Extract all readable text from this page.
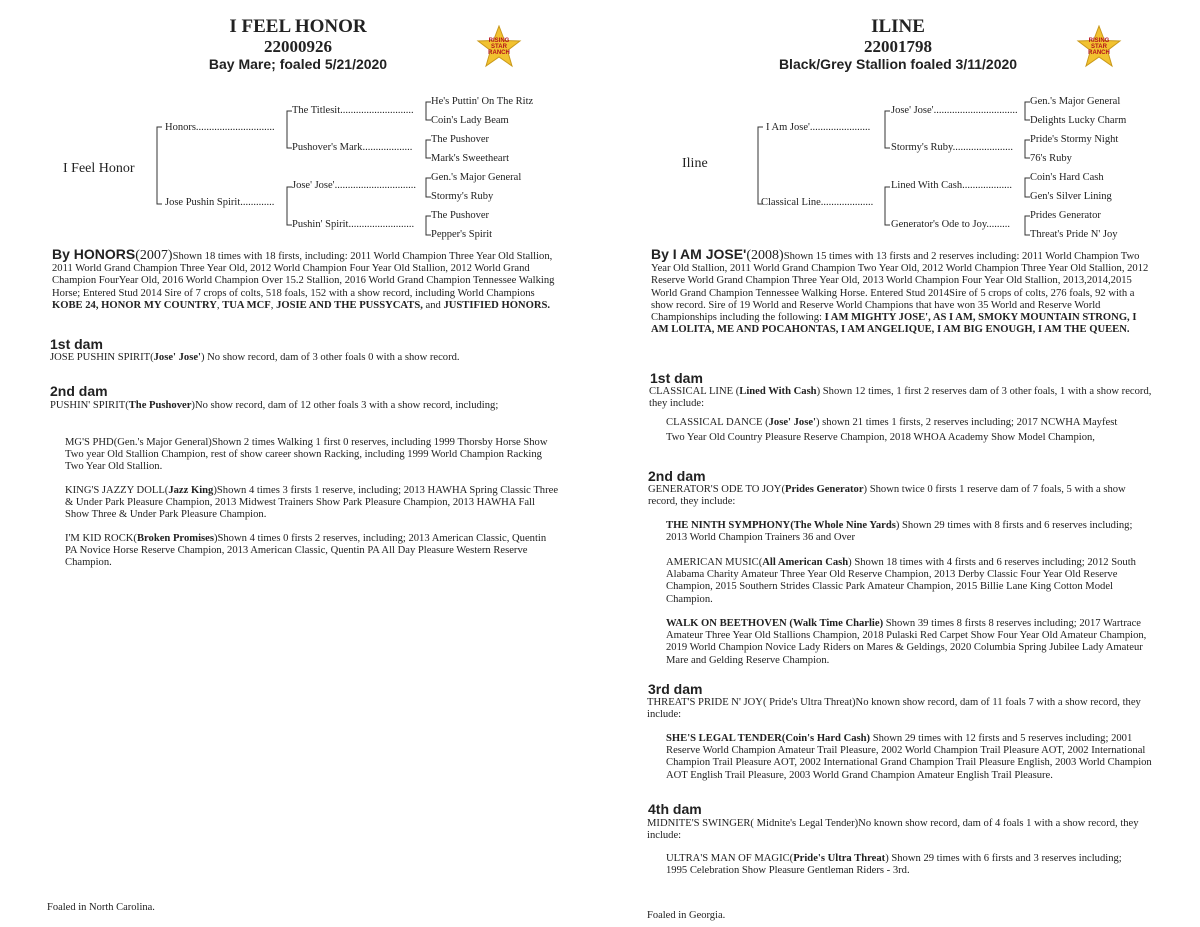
I FEEL HONOR
22000926
Bay Mare; foaled 5/21/2020
RISING
STAR
RANCH
I Feel Honor
Honors..............................
Jose Pushin Spirit.............
The Titlesit............................
Pushover's Mark...................
Jose' Jose'...............................
Pushin' Spirit.........................
He's Puttin' On The Ritz
Coin's Lady Beam
The Pushover
Mark's Sweetheart
Gen.'s Major General
Stormy's Ruby
The Pushover
Pepper's Spirit
By HONORS(2007)Shown 18 times with 18 firsts, including: 2011 World Champion Three Year Old Stallion, 2011 World Grand Champion Three Year Old, 2012 World Champion Four Year Old Stallion, 2012 World Grand Champion FourYear Old, 2016 World Champion Over 15.2 Stallion, 2016 World Grand Champion Tennessee Walking Horse; Entered Stud 2014 Sire of 7 crops of colts, 518 foals, 152 with a show record, including World Champions KOBE 24, HONOR MY COUNTRY, TUA MCF, JOSIE AND THE PUSSYCATS, and JUSTIFIED HONORS.
1st dam
JOSE PUSHIN SPIRIT(Jose' Jose') No show record, dam of 3 other foals 0 with a show record.
2nd dam
PUSHIN' SPIRIT(The Pushover)No show record, dam of 12 other foals 3 with a show record, including;
MG'S PHD(Gen.'s Major General)Shown 2 times Walking 1 first 0 reserves, including 1999 Thorsby Horse Show Two year Old Stallion Champion, rest of show career shown Racking, including 1999 World Champion Racking Two Year Old Stallion.
KING'S JAZZY DOLL(Jazz King)Shown 4 times 3 firsts 1 reserve, including; 2013 HAWHA Spring Classic Three & Under Park Pleasure Champion, 2013 Midwest Trainers Show Park Pleasure Champion, 2013 HAWHA Fall Show Three & Under Park Pleasure Champion.
I'M KID ROCK(Broken Promises)Shown 4 times 0 firsts 2 reserves, including; 2013 American Classic, Quentin PA Novice Horse Reserve Champion, 2013 American Classic, Quentin PA All Day Pleasure Western Reserve Champion.
Foaled in North Carolina.
ILINE
22001798
Black/Grey Stallion foaled 3/11/2020
RISING
STAR
RANCH
Iline
I Am Jose'.......................
Classical Line....................
Jose' Jose'................................
Stormy's Ruby.......................
Lined With Cash...................
Generator's Ode to Joy.........
Gen.'s Major General
Delights Lucky Charm
Pride's Stormy Night
76's Ruby
Coin's Hard Cash
Gen's Silver Lining
Prides Generator
Threat's Pride N' Joy
By I AM JOSE'(2008)Shown 15 times with 13 firsts and 2 reserves including: 2011 World Champion Two Year Old Stallion, 2011 World Grand Champion Two Year Old, 2012 World Champion Three Year Old Stallion, 2012 Reserve World Grand Champion Three Year Old, 2013 World Champion Four Year Old Stallion, 2013,2014,2015 World Grand Champion Tennessee Walking Horse. Entered Stud 2014Sire of 5 crops of colts, 276 foals, 92 with a show record. Sire of 19 World and Reserve World Champions that have won 35 World and Reserve World Championships including the following: I AM MIGHTY JOSE', AS I AM, SMOKY MOUNTAIN STRONG, I AM LOLITA, ME AND POCAHONTAS, I AM ANGELIQUE, I AM BIG ENOUGH, I AM THE QUEEN.
1st dam
CLASSICAL LINE (Lined With Cash) Shown 12 times, 1 first 2 reserves dam of 3 other foals, 1 with a show record, they include:
CLASSICAL DANCE (Jose' Jose') shown 21 times 1 firsts, 2 reserves including; 2017 NCWHA Mayfest Two Year Old Country Pleasure Reserve Champion, 2018 WHOA Academy Show Model Champion,
2nd dam
GENERATOR'S ODE TO JOY(Prides Generator) Shown twice 0 firsts 1 reserve dam of 7 foals, 5 with a show record, they include:
THE NINTH SYMPHONY(The Whole Nine Yards) Shown 29 times with 8 firsts and 6 reserves including; 2013 World Champion Trainers 36 and Over
AMERICAN MUSIC(All American Cash) Shown 18 times with 4 firsts and 6 reserves including; 2012 South Alabama Charity Amateur Three Year Old Reserve Champion, 2013 Derby Classic Four Year Old Reserve Champion, 2015 Southern Strides Classic Park Amateur Champion, 2015 Billie Lane King Cotton Model Champion.
WALK ON BEETHOVEN (Walk Time Charlie) Shown 39 times 8 firsts 8 reserves including; 2017 Wartrace Amateur Three Year Old Stallions Champion, 2018 Pulaski Red Carpet Show Four Year Old Amateur Champion, 2019 World Champion Novice Lady Riders on Mares & Geldings, 2020 Columbia Spring Jubilee Lady Amateur Mare and Gelding Reserve Champion.
3rd dam
THREAT'S PRIDE N' JOY( Pride's Ultra Threat)No known show record, dam of 11 foals 7 with a show record, they include:
SHE'S LEGAL TENDER(Coin's Hard Cash) Shown 29 times with 12 firsts and 5 reserves including; 2001 Reserve World Champion Amateur Trail Pleasure, 2002 World Champion Trail Pleasure AOT, 2002 International Champion Trail Pleasure AOT, 2002 International Grand Champion Trail Pleasure English, 2003 World Champion AOT English Trail Pleasure, 2003 World Grand Champion Amateur English Trail Pleasure.
4th dam
MIDNITE'S SWINGER( Midnite's Legal Tender)No known show record, dam of 4 foals 1 with a show record, they include:
ULTRA'S MAN OF MAGIC(Pride's Ultra Threat) Shown 29 times with 6 firsts and 3 reserves including; 1995 Celebration Show Pleasure Gentleman Riders - 3rd.
Foaled in Georgia.
